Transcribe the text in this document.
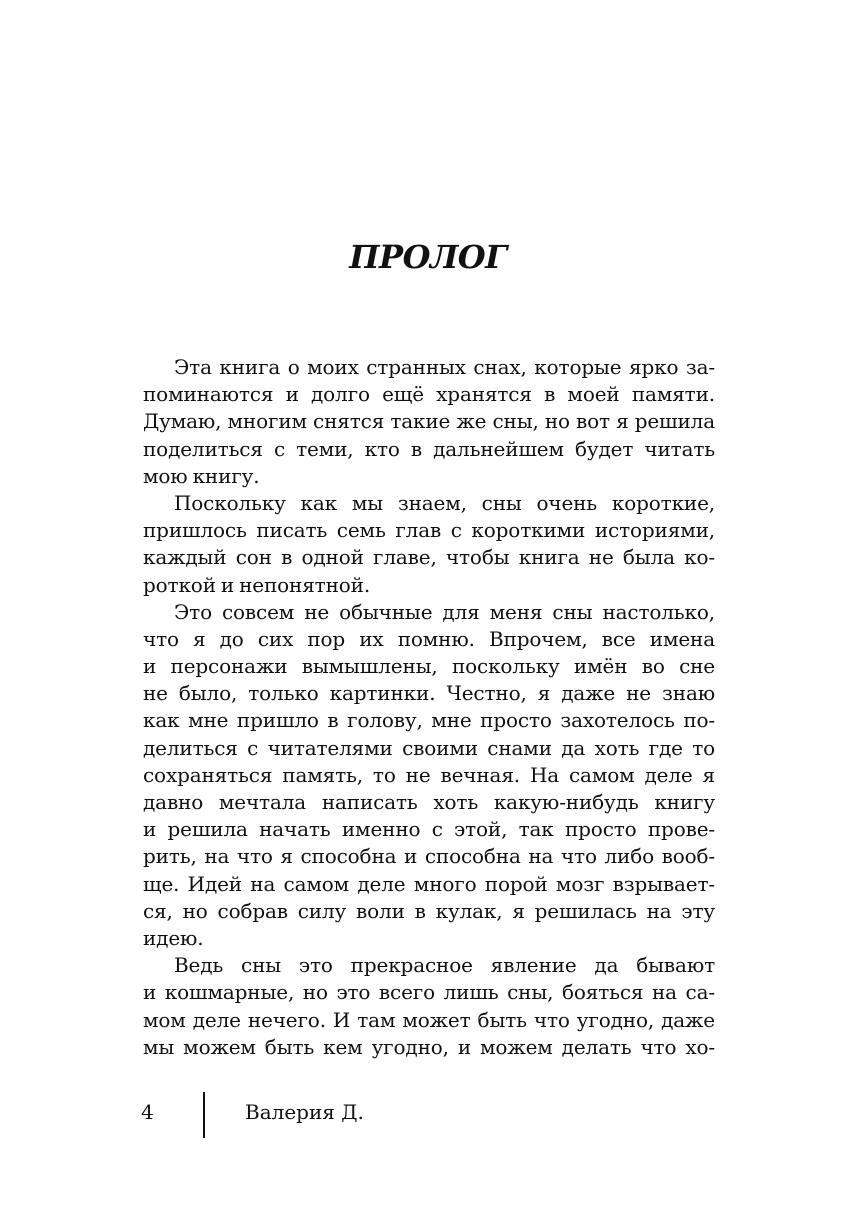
ПРОЛОГ
Эта книга о моих странных снах, которые ярко за-
поминаются и долго ещё хранятся в моей памяти.
Думаю, многим снятся такие же сны, но вот я решила
поделиться с теми, кто в дальнейшем будет читать
мою книгу.
Поскольку как мы знаем, сны очень короткие,
пришлось писать семь глав с короткими историями,
каждый сон в одной главе, чтобы книга не была ко-
роткой и непонятной.
Это совсем не обычные для меня сны настолько,
что я до сих пор их помню. Впрочем, все имена
и персонажи вымышлены, поскольку имён во сне
не было, только картинки. Честно, я даже не знаю
как мне пришло в голову, мне просто захотелось по-
делиться с читателями своими снами да хоть где то
сохраняться память, то не вечная. На самом деле я
давно мечтала написать хоть какую-нибудь книгу
и решила начать именно с этой, так просто прове-
рить, на что я способна и способна на что либо вооб-
ще. Идей на самом деле много порой мозг взрывает-
ся, но собрав силу воли в кулак, я решилась на эту
идею.
Ведь сны это прекрасное явление да бывают
и кошмарные, но это всего лишь сны, бояться на са-
мом деле нечего. И там может быть что угодно, даже
мы можем быть кем угодно, и можем делать что хо-
4	Валерия Д.
